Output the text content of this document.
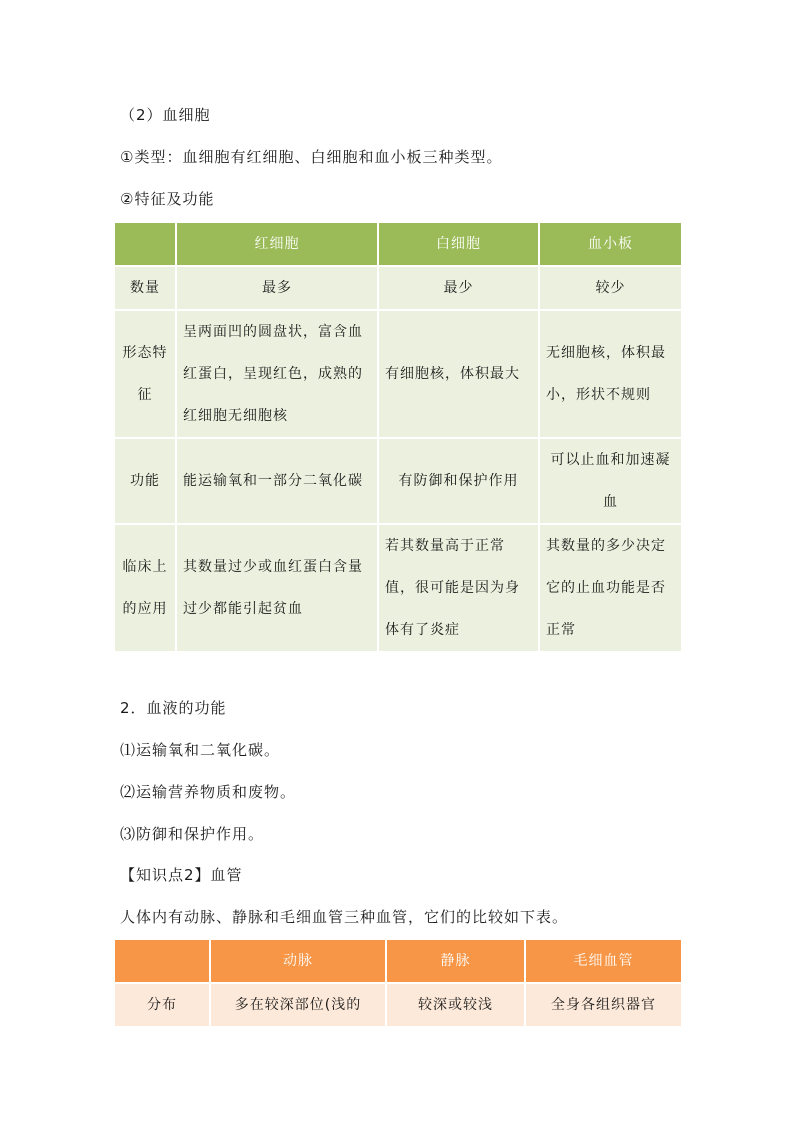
（2）血细胞
①类型：血细胞有红细胞、白细胞和血小板三种类型。
②特征及功能
	红细胞	白细胞	血小板
数量	最多	最少	较少
形态特征	呈两面凹的圆盘状，富含血红蛋白，呈现红色，成熟的红细胞无细胞核	有细胞核，体积最大	无细胞核，体积最小，形状不规则
功能	能运输氧和一部分二氧化碳	有防御和保护作用	可以止血和加速凝血
临床上的应用	其数量过少或血红蛋白含量过少都能引起贫血	若其数量高于正常值，很可能是因为身体有了炎症	其数量的多少决定它的止血功能是否正常
2．血液的功能
⑴运输氧和二氧化碳。
⑵运输营养物质和废物。
⑶防御和保护作用。
【知识点2】血管
人体内有动脉、静脉和毛细血管三种血管，它们的比较如下表。
	动脉	静脉	毛细血管
分布	多在较深部位(浅的	较深或较浅	全身各组织器官
